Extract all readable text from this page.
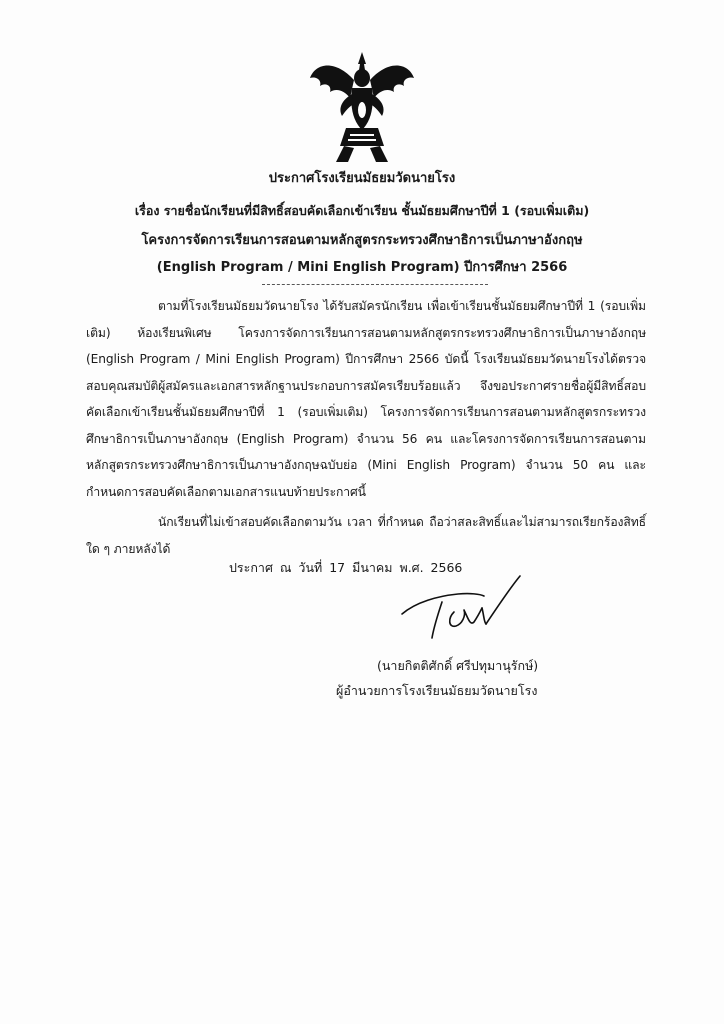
ประกาศโรงเรียนมัธยมวัดนายโรง
เรื่อง รายชื่อนักเรียนที่มีสิทธิ์สอบคัดเลือกเข้าเรียน ชั้นมัธยมศึกษาปีที่ 1 (รอบเพิ่มเติม)
โครงการจัดการเรียนการสอนตามหลักสูตรกระทรวงศึกษาธิการเป็นภาษาอังกฤษ
(English Program / Mini English Program) ปีการศึกษา 2566

ตามที่โรงเรียนมัธยมวัดนายโรง ได้รับสมัครนักเรียน เพื่อเข้าเรียนชั้นมัธยมศึกษาปีที่ 1 (รอบเพิ่มเติม) ห้องเรียนพิเศษ โครงการจัดการเรียนการสอนตามหลักสูตรกระทรวงศึกษาธิการเป็นภาษาอังกฤษ (English Program / Mini English Program) ปีการศึกษา 2566 บัดนี้ โรงเรียนมัธยมวัดนายโรงได้ตรวจสอบคุณสมบัติผู้สมัครและเอกสารหลักฐานประกอบการสมัครเรียบร้อยแล้ว จึงขอประกาศรายชื่อผู้มีสิทธิ์สอบคัดเลือกเข้าเรียนชั้นมัธยมศึกษาปีที่ 1 (รอบเพิ่มเติม) โครงการจัดการเรียนการสอนตามหลักสูตรกระทรวงศึกษาธิการเป็นภาษาอังกฤษ (English Program) จำนวน 56 คน และโครงการจัดการเรียนการสอนตามหลักสูตรกระทรวงศึกษาธิการเป็นภาษาอังกฤษฉบับย่อ (Mini English Program) จำนวน 50 คน และกำหนดการสอบคัดเลือกตามเอกสารแนบท้ายประกาศนี้

นักเรียนที่ไม่เข้าสอบคัดเลือกตามวัน เวลา ที่กำหนด ถือว่าสละสิทธิ์และไม่สามารถเรียกร้องสิทธิ์ใด ๆ ภายหลังได้

ประกาศ ณ วันที่ 17 มีนาคม พ.ศ. 2566
(นายกิตติศักดิ์ ศรีปทุมานุรักษ์)
ผู้อำนวยการโรงเรียนมัธยมวัดนายโรง
